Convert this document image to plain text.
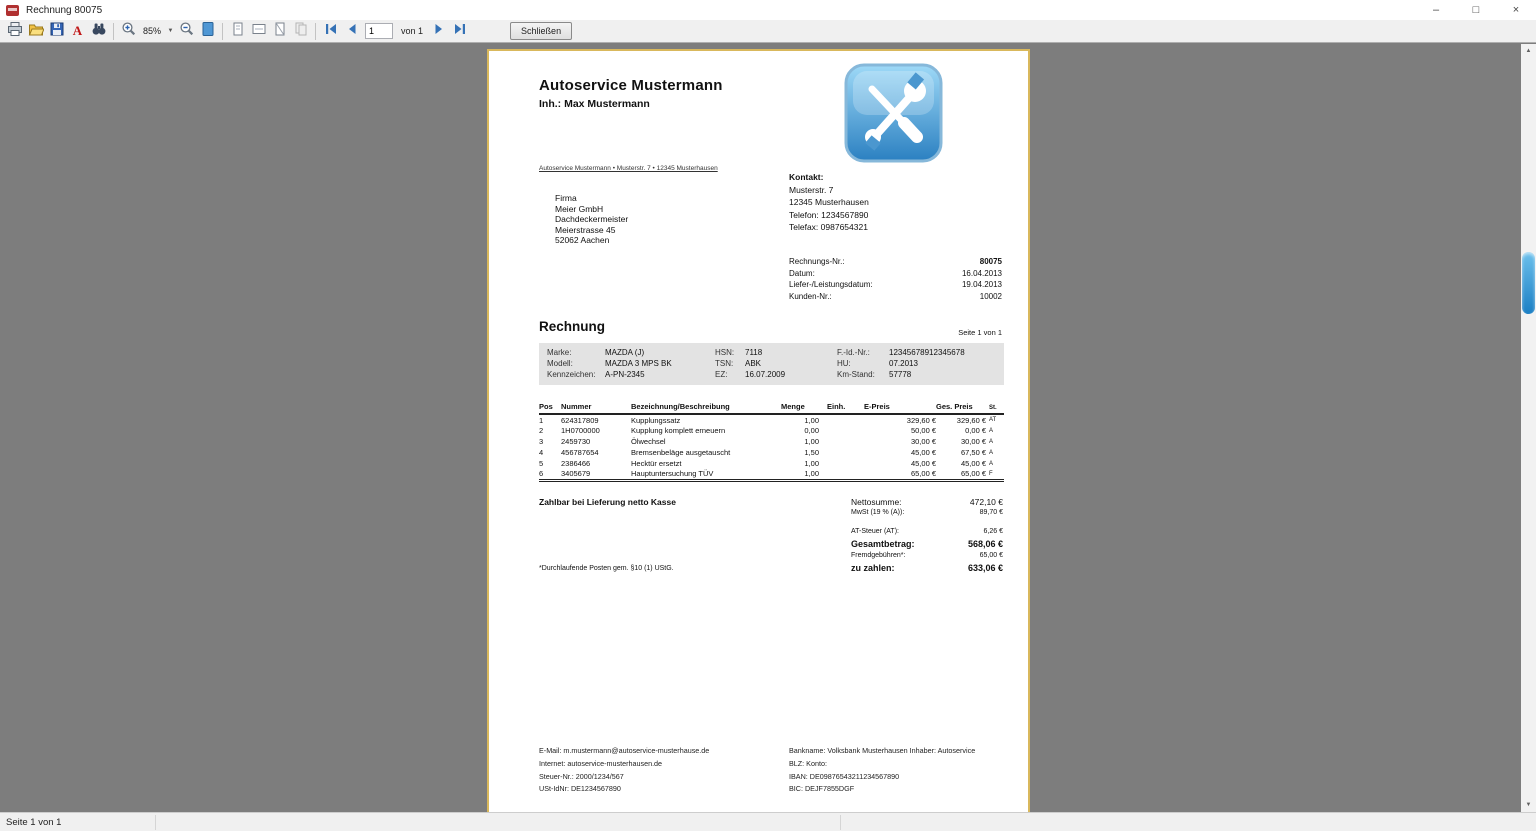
Rechnung 80075	–	□	×
A	85%	▼
1	von 1	Schließen
Autoservice Mustermann
Inh.: Max Mustermann
Autoservice Mustermann • Musterstr. 7 • 12345 Musterhausen
Firma
Meier GmbH
Dachdeckermeister
Meierstrasse 45
52062 Aachen
Kontakt:
Musterstr. 7
12345 Musterhausen
Telefon: 1234567890
Telefax: 0987654321
Rechnungs-Nr.:	80075
Datum:	16.04.2013
Liefer-/Leistungsdatum:	19.04.2013
Kunden-Nr.:	10002
Rechnung	Seite 1 von 1
Marke:	MAZDA (J)	HSN:	7118	F.-Id.-Nr.:	12345678912345678
Modell:	MAZDA 3 MPS BK	TSN:	ABK	HU:	07.2013
Kennzeichen:	A-PN-2345	EZ:	16.07.2009	Km-Stand:	57778
Pos	Nummer	Bezeichnung/Beschreibung	Menge	Einh.	E-Preis	Ges. Preis	St.
1	624317809	Kupplungssatz	1,00		329,60 €	329,60 €	AT
2	1H0700000	Kupplung komplett erneuern	0,00		50,00 €	0,00 €	A
3	2459730	Ölwechsel	1,00		30,00 €	30,00 €	A
4	456787654	Bremsenbeläge ausgetauscht	1,50		45,00 €	67,50 €	A
5	2386466	Hecktür ersetzt	1,00		45,00 €	45,00 €	A
6	3405679	Hauptuntersuchung TÜV	1,00		65,00 €	65,00 €	F
Zahlbar bei Lieferung netto Kasse
*Durchlaufende Posten gem. §10 (1) UStG.
Nettosumme:	472,10 €
MwSt (19 % (A)):	89,70 €
AT-Steuer (AT):	6,26 €
Gesamtbetrag:	568,06 €
Fremdgebühren*:	65,00 €
zu zahlen:	633,06 €
E-Mail: m.mustermann@autoservice-musterhause.de
Internet: autoservice-musterhausen.de
Steuer-Nr.: 2000/1234/567
USt-IdNr: DE1234567890
Bankname: Volksbank Musterhausen Inhaber: Autoservice
BLZ: Konto:
IBAN: DE09876543211234567890
BIC: DEJF7855DGF
▲
▼
Seite 1 von 1
